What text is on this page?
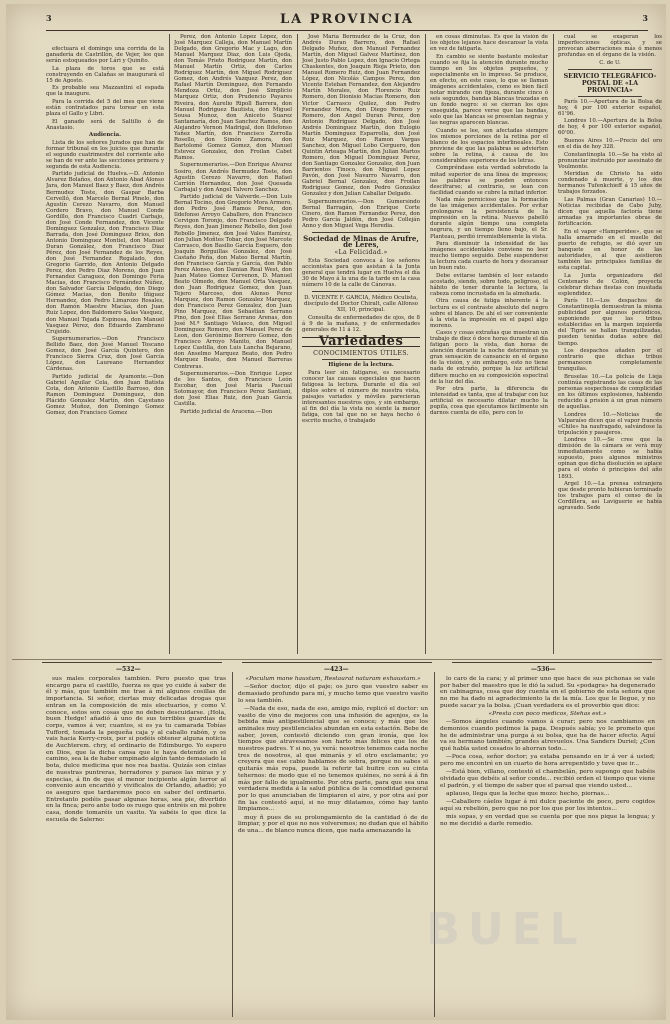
3	LA PROVINCIA	3

efectuará el domingo una corrida de la ganadería de Castrillón, de Vejer, lee que serán estoqueados por Lári y Quinito.

La plaza de toros que se está construyendo en Calañas se inaugurará el 15 de Agosto.

Es probable sea Mazzantini el espada que la inaugure.

Para la corrida del 5 del mes que viene están contratados para torear en esta plaza el Gallo y Libri.

El ganado será de Saltillo ó de Anastasio.

Audiencia.

Lista de los señores Jurados que han de formar tribunal en los juicios que durante el segundo cuatrimestre del corriente año se han de ver ante las secciones primera y segunda de esta Audiencia.

Partido judicial de Huelva.—D. Antonio Alvarez Bolaños, don Antonio Abad Alonso Jara, don Manuel Baez y Baez, don Andrés Bermudez Toste, don Gaspar Barba Cervelló, don Marcelo Bernal Pinelo, don Agustín Cerezo Navarro, don Manuel Cordero Bravo, don Manuel Conde Gordillo, don Francisco Cuadri Carbajo, don José Conde Fernandez, don Vicente Dominguez Gonzalez, don Francisco Diaz Barrada, don José Dominguez Brios, don Antonio Dominguez Montiel, don Manuel Duran González, don Francisco Diaz Pérez, don José Fernandez de los Reyes, don José Fernandez Regalado, don Gregorio Garrido, don Antonio Delgado Perez, don Pedro Diaz Moreno, don Juan Fernandez Caraguez, don Domingo Feria Macias, don Francisco Fernández Núñez, don Salvador García Delgado, don Diego Gómez Macias, don Benito Iñiguez Hernandez, don Pedro Limarozo Rosales, don Ramón Maestre Macías, don Juan Ruiz Lopez, don Baldomero Salas Vasquez, don Manuel Tejada Espinosa, don Manuel Vasquez Pérez, don Eduardo Zambrano Crujeido.

Supernumerarios.—Don Francisco Bellido Baez, don José Manuel Toscano Gomez, don José García Quintero, don Francisco Sierra Cruz, don José García López, don Laureano Hernandez Cárdenas.

Partido judicial de Ayamonte.—Don Gabriel Aguilar Cela, don Juan Batista Cota, don Antonio Castillo Barroso, don Ramon Dominguez Dominguez, don Plácido Gonzalez Martín, don Cayetano Gomez Muñoz, don Domingo Gomez Gomez, don Francisco Gomez

Perez, don Antonio López López, don José Marquez Calleja, don Manuel Martín Delgado, don Gregorio Mac y Lago, don Manuel Marquez Diaz, don Luis Ojeda, don Tomás Prieto Rodriguez Martín, don Manuel Martín Ortiz, don Carlos Rodriguez Martín, don Miguel Rodriguez Gomez, don Andrés Vazquez Perez, don Rafael Martín Dominguez, don Fernando Mendoza Ortiz, don José Simplicio Marquez Ortiz, don Prudencio Payares Riveira, don Aurelio Ripoll Barrera, don Manuel Rodriguez Bautista, don Miguel Sousa Munoz, don Aniceto Suarez Santamaría, don Juan Sanchez Ramos, don Alejandro Vernon Madrigal, don Ildefonso Yañez Martín, don Francisco Zerrolla Rosello, don Simón Zamora, don Bartolomé Gomez Gomez, don Manuel Estevez Gonzalez, don Froilan Cabet Ramos.

Supernumerarios.—Don Enrique Alvarez Sosiro, don Andrés Bermudez Toste, don Agustín Cerezo Navarro, don Rafael Carrión Hernandez, don José Quesada Carbajal y don Angel Talvero Sanchez.

Partido judicial de Valverde.—Don Luis Bernal Tocino, don Gregorio Mora Armero, don Pedro José Ramos Perez, don Ildefonso Arroyo Caballero, don Francisco Cervigon Toronjo, don Francisco Delgado Reyes, don Juan Jimenez Rebollo, don José Rebollo Jimenez, don José Vales Ramírez, don Julian Moñtes Tobar, don José Marcote Carrasco, don Basilio García Esquero, don Joaquín Borguillas Gonzalez, don José Castaño Peña, don Mateo Bernal Martín, don Francisco García y García, don Pablo Perez Alonso, don Damian Real West, don Juan Mateo Gomez Cervenon, D. Manuel Beato Olmedo, don Manuel Orta Vasquez, don Juan Rodriguez Gomez, don Juan Tejero Marcoso, don Alonso Perez Marquez, don Ramon Gonzalez Marquez, don Francisco Perez Gonzalez, don Juan Pino Marquez, don Sebastian Serrano Pino, don José Elias Serrano Arenas, don José M.ª Santiago Velasco, don Miguel Dominguez Romero, don Manuel Perez de Leon, don Gerónimo Borrero Gomez, don Francisco Arroyo Manito, don Manuel Lopez Castilla, don Luis Lancha Bejarano, don Anselmo Marquez Beato, don Pedro Marquez Beato, don Manuel Barreras Contreras.

Supernumerarios.—Don Enrique Lopez de los Santos, don Francisco León Escobar, don José María Pascual Sotomayor, don Francisco Perez Santiani, don José Elias Ruiz, don Juan García Castilla.

Partido judicial de Aracena.—Don

José María Bermudez de la Cruz, don Andrés Duran Barrero, don Rafael Delgado Muñoz, don Manuel Fernandez Martín, don Miguel Galvez Martínez, don José Justo Pablo Lopez, don Ignacio Ortega Chaskentes, don Joaquin Rioja Prieto, don Manuel Romero Ruiz, don Juan Fernandez López, don Nicolás Campos Perez, don Vicente Esteban Fernandez, don Alejandro Martín Morales, don Florencio Ruiz Romero, don Dionisio Macias Romero, don Victor Carrasco Quilez, don Pedro Fernandez Mora, don Diego Romero y Romero, don Angel Duran Perez, don Antonio Rodriguez Delgado, don José Andrés Dominguez Martín, don Eulogio Martín Dominguez Esparrolla, don José Ruiz Marquez, don Ramon Vargas Sanchez, don Miguel Lobo Cerguero, don Quintin Arteaga Martín, don Julian Martos Romero, don Miguel Dominguez Perez, don Santiago Gonzalez Gonzalez, don Juan Barrientos Tinoco, don Miguel Lopez Pavón, don José Navarro Navarro, don Gabriel Bernal Gonzalez, don Froilan Rodriguez Gomez, don Pedro Gonzalez Gonzalez y don Julian Caballar Delgado.

Supernumerarios.—Don Gumersindo Bernal Barragán, don Enrique Corte Cinero, don Ramon Fernandez Perez, don Pedro García Jaldón, don José Colleján Anno y don Miguel Vega Heredia.

Sociedad de Minas de Arufre, de Leres,
«La Felicidad.»

Esta Sociedad convoca á los señores accionistas para que asistan á la Junta general que tendrá lugar en Huelva el día 30 de Mayo á la una de la tarde en la casa número 10 de la calle de Cánovas.

D. VICENTE F. GARCIA, Médico Oculista, discípulo del Doctor Chiralt, calle Alfonso XII, 10, principal.

Consulta de enfermedades de ojos, de 8 á 9 de la mañana, y de enfermedades generales de 11 á 12.

Variedades
CONOCIMIENTOS ÚTILES.

Higiene de la lectura.

Para leer sin fatigarse, es necesario conocer las causas especiales que hacen fatigosa la lectura. Durante el día sol diplos sobre el número de nuestra vista, paisajes variados y móviles parecieran interesantes nuestros ojos, y sin embargo, al fin del día la vista no siente la menor fatiga, con tal que no se haya hecho ó escrito mucho, ó trabajado

en cosas diminutas. Es que la visión de los objetos lejanos hace descansar la vista en vez de fatigarla.

En cambio se siente bastante molestar cuando se fija la atención durante mucho tiempo en los objetos pequeños, y especialmente en lo impreso. Se produce, en efecto, en este caso, lo que se llaman imágenes accidentales, como es bien fácil notar mirando con fijeza, durante cinco ó seis segundos, bandas blancas trazadas en un fondo negro: si se cierran los ojos enseguida, parece verse que las bandas, solo que las blancas se presentan negras y las negras aparecen blancas.

Cuando se lee, son afectadas siempre los mismos porciones de la retina por el blanco de los espacios interlineales. Esto proviene de que las palabras se advierten sobre la retina, á causa de los considerables superiores de los letras.

Compréndase esta verdad sobretodo la mitad superior de una línea de impresos; las palabras se pueden entonces descifrarse; al contrario, se lean con facilidad cuando se cubre la mitad inferior.

Nada más pernicioso que la formación de las imágenes accidentales. Por evitar prolongarse la persistencia de la impresión en la retina. Nuevos pabelló durante algún tiempo una completa negrura, y un tiempo lleno bajo, el Sr. Planteau, perdió irremisiblemente la vista.

Para disminuir la intensidad de las imágenes accidentales conviene no leer mucho tiempo seguido. Debe suspenderse la lectura cada cuarto de hora y descansar un buen rato.

Debe evitarse también el leer estando acostado, siendo, sobre todo, peligroso, el hábito de tener durante la lectura, la cabeza como incrustada en la almohada.

Otra causa de fatiga inherente á la lectura es el contraste absoluto del negro sobre el blanco. De ahí el ser conveniente á la vista la impresión en el papel algo moreno.

Casos y cosas extrañas que muestran un trabajo de diez ó doce horas durante el día fatigan poco la vista, dan horas de atención durante la noche determinan ya gran sensación de cansancio en el órgano de la visión, y sin embargo, esto no tiene nada de extraño, porque la luz artificial difiere mucho en su composición espectral de la luz del día.

Por otra parte, la diferencia de intensidad es tanta, que al trabajar con luz artificial es necesario dilatar mucho la pupila, cosa que ejecutamos fácilmente sin darnos cuenta de ello, pero con lo

cual se exageran los imperfecciones ópticas, y se provocan aberraciones más ó menos profundas en el órgano de la visión.

C. de U.

SERVICIO TELEGRÁFICO-POSTAL DE «LA PROVINCIA»

París 10.—Apertura de la Bolsa de hoy, 4 por 100 exterior español, 61'96.

Londres 10.—Apertura de la Bolsa de hoy, 4 por 100 exterior español, 60'00.

Buenos Aires 10.—Precio del oro en el día de hoy 328.

Constantinopla 10.—Se ha visto al pronunciar instruido por asesinato de Voulmonte.

Meridian de Christo ha sido condenado á muerte, y los dos hermanos Tufenkchieff á 15 años de trabajos forzados.

Las Palmas (Gran Canarias) 10.—Noticias recibidas de Cabo Juby, dicen que aquella factoría tiene armadas ya importantes obras de fortificación.

En el vapor «Hamperidee», que se halla amarrado en el muelle del puerto de refugio, se dió ayer un banquete en honor de las autoridades, al que asistieron también las principales familias de esta capital.

La Junta organizadora del Centenario de Colón, proyecta celebrar dichas fiestas con inusitada esplendidez.

París 10.—Los despachos de Constantinopla demuestran la misma publicidad por algunos periódicos, suponiendo que las tribus establecidas en la margen izquierda del Tigris se hallan tranquilizadas, pueden tenidas dudas sobre del tiempo.

Los despachos añaden por el contrario que dichas tribus permanecen completamente tranquilas.

Bruselas 10.—La policía de Lieja continúa registrando las casas de las personas sospechosas de complicidad en los últimos explosiones, habiendo reducido á prisión á un gran número de aquellas.

Londres 10.—Noticias de Valparaíso dicen que el vapor francés «Chile» ha naufragado, salvándose la tripulación y pasajeros.

Londres 10.—Se cree que la dimisión de la cámara se verá muy inmediatamente como se había supuesto, pues algunos ministros opinan que dicha disolución se aplace para el otoño ó principios del año 1893.

Argel 10.—La prensa extranjera que desde pronto hubieran terminado los trabajos para el censo de la Cordillera, así Laviguerie se había agravado. Sede

—532—	—423—	—536—

sus males corporales también. Pero puesto que tras encargo para el castillo, fuerza es que yo cuide á saber de él y más, que también me trae á mí algunos cosillas de importancia. Si señor, ciertas muy delicadas drogas que entran en la composición de mis electuarios, y como V. conoce, estos son cosas que no deben descuidarse. ¡Hola, buen Hedge! añadió á uno de sus terribles guardias de corps, vamos á ver, cuantos, si es ya tu camarada Tobías Tufford, tomada la pequeña caja y al caballo rabón, y os vais hacia Kerry-croix, por si podéis obtener alguna noticia de Auchterem. chry, el ordinario de Edimburgo. Yo espero en Dios, que la dicha cansa que le haya detenido en el camino, sea la de haber empinado algún tanto demasiado la bota, dulce medicina que nos rea bastia. Quizás son cintas de nuestras puntreras, herradores y paraos las miras y y especias, á fin de que el menor incipiente algún terror al convenio aun encariñó y vivificalos de Orlando, añadió; yo os aseguro que tardaremos poco en saber del ordinario. Entretanto podéis pasar algunas horas, sea pie, divertido en la finca; pero ante todo os ruego que entréis en mi pobre casa, donde tomaréis un vasito. Ya sabéis lo que dice la escuela de Salerno:

«Poculum mane haustum, Restaurat naturam exhaustam.»

—Señor doctor, dijo el paje; os juro que vuestro saber es demasiado profundo para mí, y mucho temo que vuestro vasito lo sea también.

—Nada de eso, nada de eso, amigo mío, replicó el doctor: un vasito de vino de mejores con una infusión de agenjos, es la bebida más antipestilencial que se conoce; y más que los aminales muy pestilenciales abundan en esta estación. Bebe de saber, joven, contestó diciendo con gran ironía, que los tiempos que atravesamos son harto más felices que los de nuestros padres. Y si no, ya verá: nosotros tenemos cada noche tres de nosotros, al que minarás y el otro exclamante; yo creyera que ese cabio hablamos de sobra, porque no sabes si quitarás más ropa, puede la referir tal buitre con su cinta tehernos: de modo que el no tenemos quiénes, no será á á fin más por fallo de igualmente. Por otra parte, para que sea una verdadera medida á la salud pública de la comodidad general por lo que anunciaban de limpiaren el aire, y por otra así por fin las contestó aquí, si no muy dilatamos, cómo hay tanto limpiamos...

muy ñ pues de su prolongamiento de la cantidad ó de de limpiar, y por el que no nos volveremos; no dudan que el hábito de una... de blanco nunca dicen, que nada amenazando la

lo caro de la cara; y al primer uno que hace de sus pichonas se vale por haber del maestro que le dió la salud. Su «podagra» ha degenerado en cabinagras, cosa que doy cuenta en el gobierno de esta señora que no me ha dado ni agradecimiento la de la mía. Los que le llegue, y no puede sacar ya la bolsa. ¡Cuan verdadera es el proverbio que dice:

«Presta con poco medicos, Stehas est.»

—Somos ángeles cuando vamos á curar; pero nos cambiamos en demonios cuando pedimos la paga. Después sabía; yo le prometo que he de administrar una purga á su bolsa, que ha de hacer efecto. Aquí va su hermano también; grandes atrevuelos. Una Sanders Duriel; ¿Con qué habla usted cesados lo ahorran todo...

—Poca cosa, señor doctor; ya estaba pensando en ir á ver á usted; pero me encontré en un cuarto de hora arrepentido y tuve que ir...

—Está bien, villano, contestó el chambelán, pero supongo que habéis olvidado que debéis al señor conde... recibió orden el tiempo que viene el padrón, y el tiempo de saber que el parsal que viendo usted...

aplauso, llega que la leche que mozo: hecho, piernas...

—Caballero cáelos lugar á mi dulce paciente de poco, pero cogidos aquí su rebelión, pero que no por los que por los intentos...

mis sopas, y en verdad que se cuenta por que nos pique la lengua; y no me decidió a darle remedio.

BUEL
